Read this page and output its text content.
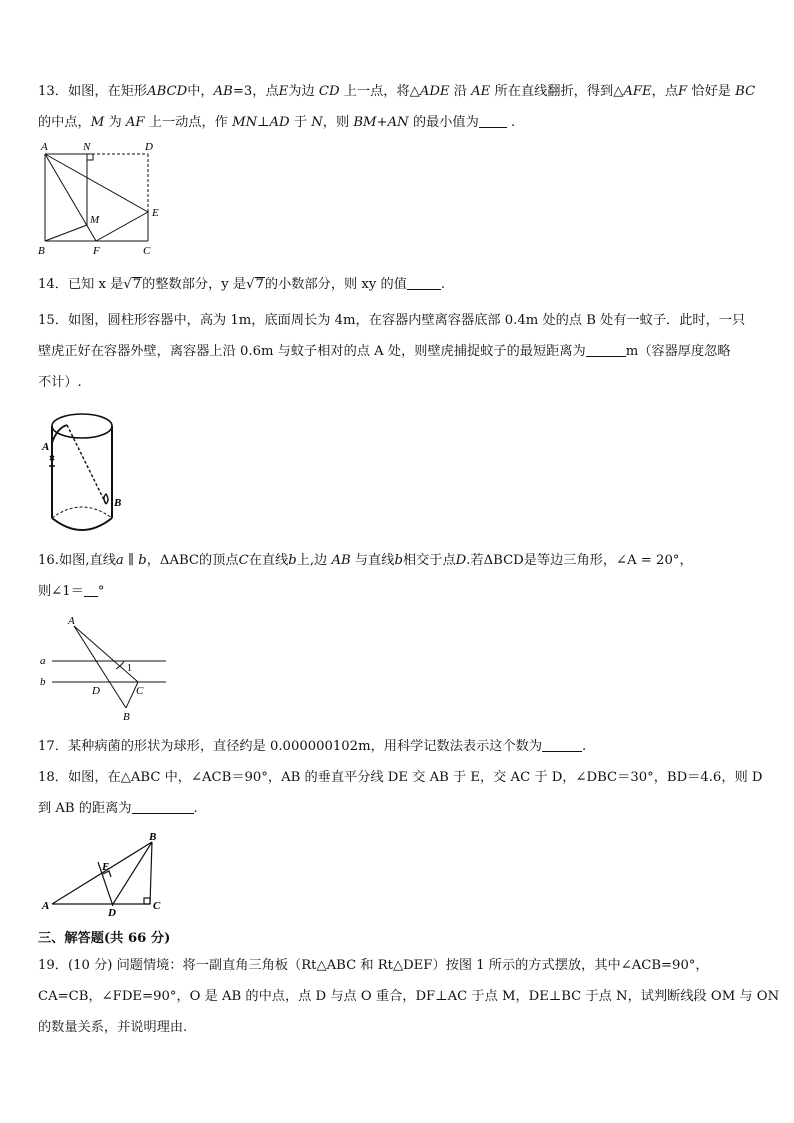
13．如图，在矩形ABCD中，AB=3，点E为边 CD 上一点，将△ADE 沿 AE 所在直线翻折，得到△AFE，点F 恰好是 BC
的中点，M 为 AF 上一动点，作 MN⊥AD 于 N，则 BM+AN 的最小值为 .
A	N	D
M
E
B	F	C
14．已知 x 是√7的整数部分，y 是√7的小数部分，则 xy 的值	.
15．如图，圆柱形容器中，高为 1m，底面周长为 4m，在容器内壁离容器底部 0.4m 处的点 B 处有一蚊子．此时，一只
壁虎正好在容器外壁，离容器上沿 0.6m 与蚊子相对的点 A 处，则壁虎捕捉蚊子的最短距离为	m（容器厚度忽略
不计）.
A
B
16.如图,直线a ∥ b，ΔABC的顶点C在直线b上,边 AB 与直线b相交于点D.若ΔBCD是等边三角形，∠A = 20°，
则∠1＝ °
A
a
b
1
D	C
B
17．某种病菌的形状为球形，直径约是 0.000000102m，用科学记数法表示这个数为	.
18．如图，在△ABC 中，∠ACB＝90°，AB 的垂直平分线 DE 交 AB 于 E，交 AC 于 D，∠DBC＝30°，BD＝4.6，则 D
到 AB 的距离为	.
A
B
C
D
E
三、解答题(共 66 分)
19．(10 分) 问题情境：将一副直角三角板（Rt△ABC 和 Rt△DEF）按图 1 所示的方式摆放，其中∠ACB=90°，
CA=CB，∠FDE=90°，O 是 AB 的中点，点 D 与点 O 重合，DF⊥AC 于点 M，DE⊥BC 于点 N，试判断线段 OM 与 ON
的数量关系，并说明理由.
